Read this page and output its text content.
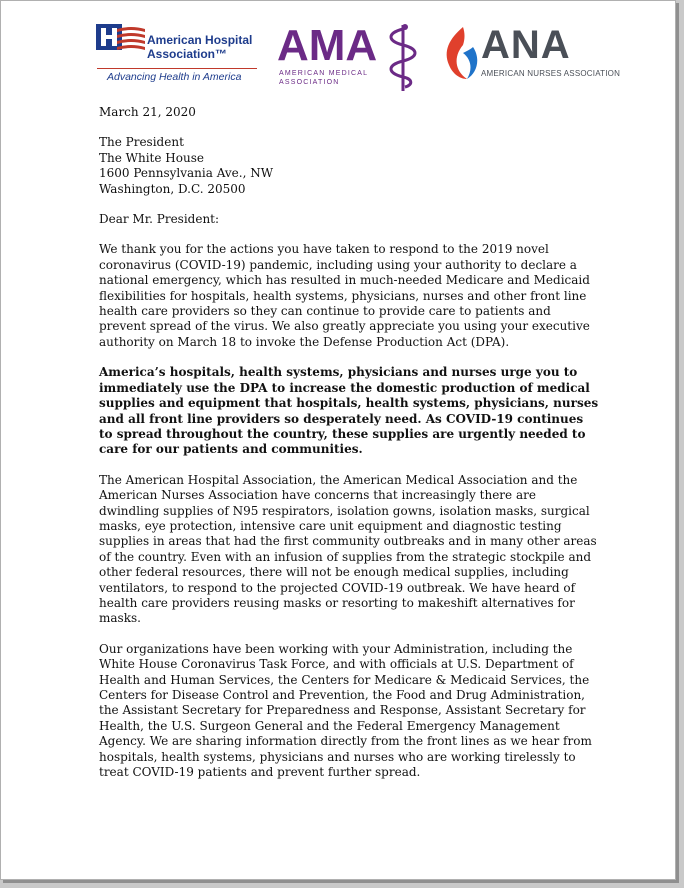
American Hospital
Association™
Advancing Health in America
AMA
AMERICAN MEDICAL
ASSOCIATION
ANA
AMERICAN NURSES ASSOCIATION

March 21, 2020

The President
The White House
1600 Pennsylvania Ave., NW
Washington, D.C. 20500

Dear Mr. President:

We thank you for the actions you have taken to respond to the 2019 novel coronavirus (COVID-19) pandemic, including using your authority to declare a national emergency, which has resulted in much-needed Medicare and Medicaid flexibilities for hospitals, health systems, physicians, nurses and other front line health care providers so they can continue to provide care to patients and prevent spread of the virus. We also greatly appreciate you using your executive authority on March 18 to invoke the Defense Production Act (DPA).

America’s hospitals, health systems, physicians and nurses urge you to immediately use the DPA to increase the domestic production of medical supplies and equipment that hospitals, health systems, physicians, nurses and all front line providers so desperately need. As COVID-19 continues to spread throughout the country, these supplies are urgently needed to care for our patients and communities.

The American Hospital Association, the American Medical Association and the American Nurses Association have concerns that increasingly there are dwindling supplies of N95 respirators, isolation gowns, isolation masks, surgical masks, eye protection, intensive care unit equipment and diagnostic testing supplies in areas that had the first community outbreaks and in many other areas of the country. Even with an infusion of supplies from the strategic stockpile and other federal resources, there will not be enough medical supplies, including ventilators, to respond to the projected COVID-19 outbreak. We have heard of health care providers reusing masks or resorting to makeshift alternatives for masks.

Our organizations have been working with your Administration, including the White House Coronavirus Task Force, and with officials at U.S. Department of Health and Human Services, the Centers for Medicare & Medicaid Services, the Centers for Disease Control and Prevention, the Food and Drug Administration, the Assistant Secretary for Preparedness and Response, Assistant Secretary for Health, the U.S. Surgeon General and the Federal Emergency Management Agency. We are sharing information directly from the front lines as we hear from hospitals, health systems, physicians and nurses who are working tirelessly to treat COVID-19 patients and prevent further spread.
